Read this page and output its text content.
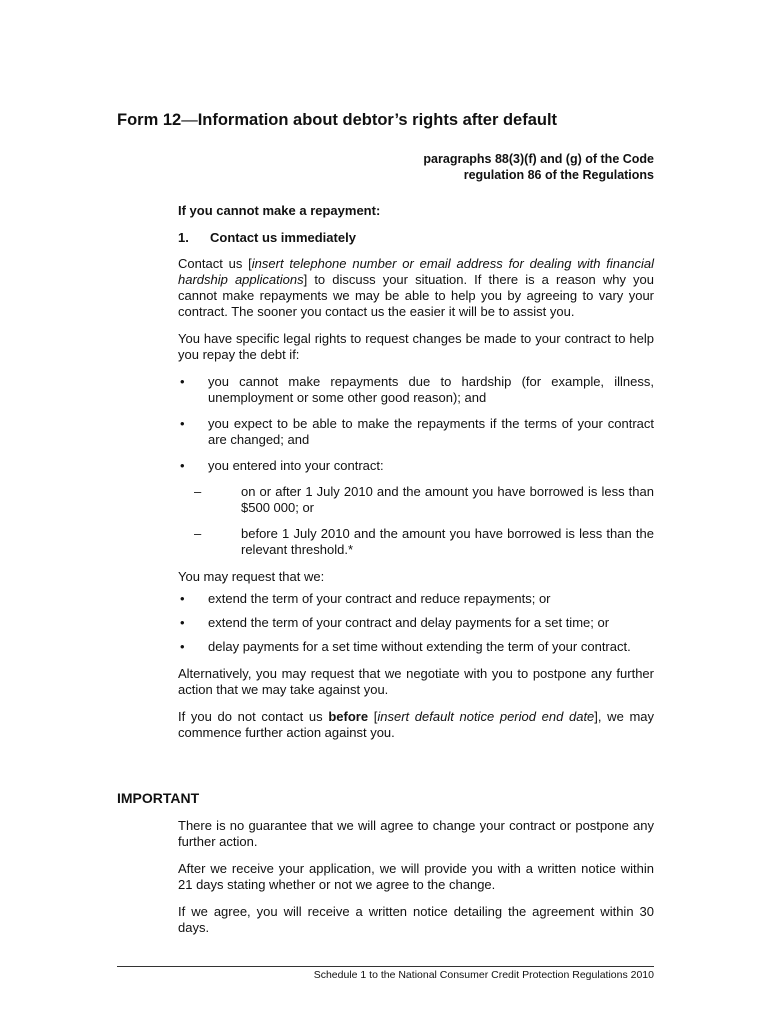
Form 12—Information about debtor’s rights after default
paragraphs 88(3)(f) and (g) of the Code
regulation 86 of the Regulations

If you cannot make a repayment:

1.	Contact us immediately

Contact us [insert telephone number or email address for dealing with financial hardship applications] to discuss your situation. If there is a reason why you cannot make repayments we may be able to help you by agreeing to vary your contract. The sooner you contact us the easier it will be to assist you.

You have specific legal rights to request changes be made to your contract to help you repay the debt if:

• you cannot make repayments due to hardship (for example, illness, unemployment or some other good reason); and
• you expect to be able to make the repayments if the terms of your contract are changed; and
• you entered into your contract:
–	on or after 1 July 2010 and the amount you have borrowed is less than $500 000; or
–	before 1 July 2010 and the amount you have borrowed is less than the relevant threshold.*

You may request that we:

• extend the term of your contract and reduce repayments; or
• extend the term of your contract and delay payments for a set time; or
• delay payments for a set time without extending the term of your contract.

Alternatively, you may request that we negotiate with you to postpone any further action that we may take against you.

If you do not contact us before [insert default notice period end date], we may commence further action against you.

IMPORTANT

There is no guarantee that we will agree to change your contract or postpone any further action.

After we receive your application, we will provide you with a written notice within 21 days stating whether or not we agree to the change.

If we agree, you will receive a written notice detailing the agreement within 30 days.

Schedule 1 to the National Consumer Credit Protection Regulations 2010
